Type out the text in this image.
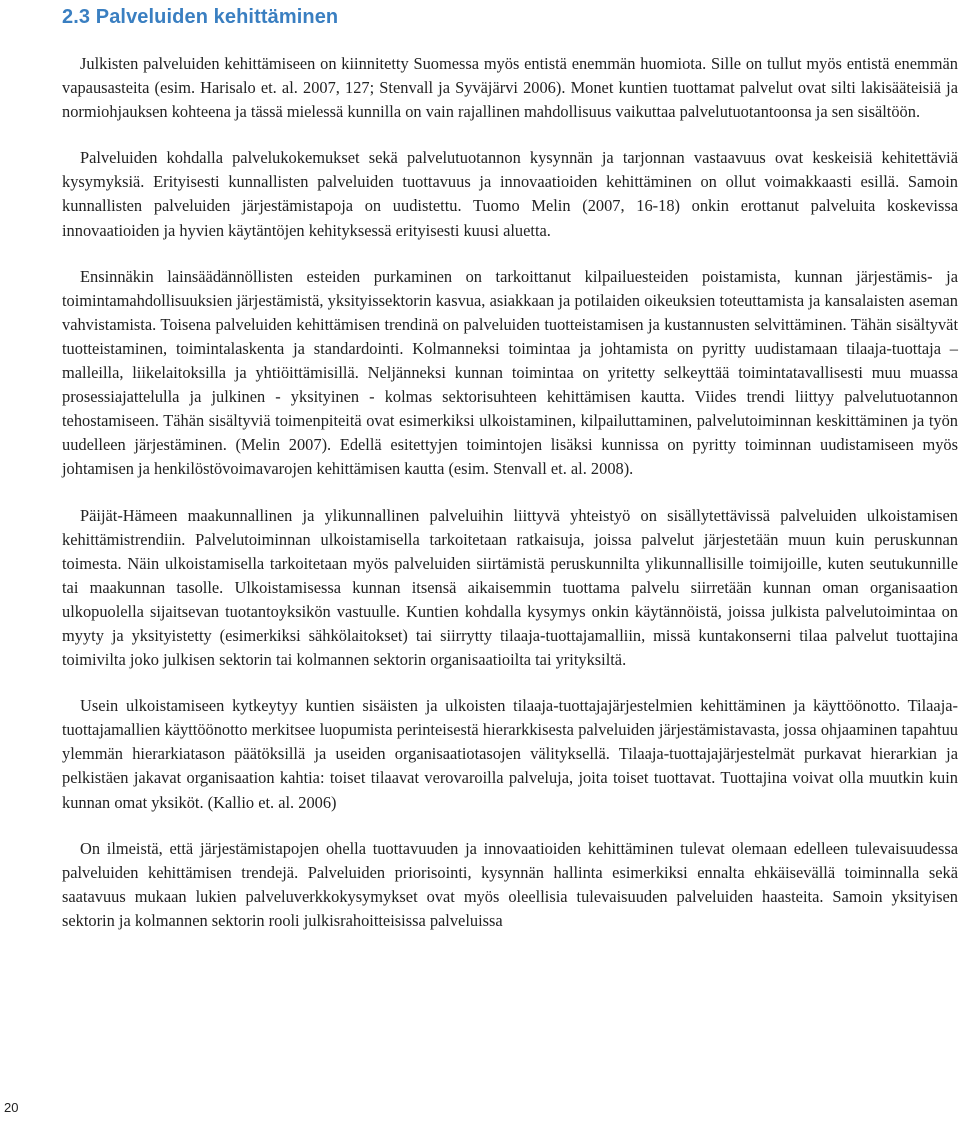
2.3 Palveluiden kehittäminen

Julkisten palveluiden kehittämiseen on kiinnitetty Suomessa myös entistä enemmän huomiota. Sille on tullut myös entistä enemmän vapausasteita (esim. Harisalo et. al. 2007, 127; Stenvall ja Syväjärvi 2006). Monet kuntien tuottamat palvelut ovat silti lakisääteisiä ja normiohjauksen kohteena ja tässä mielessä kunnilla on vain rajallinen mahdollisuus vaikuttaa palvelutuotantoonsa ja sen sisältöön.

Palveluiden kohdalla palvelukokemukset sekä palvelutuotannon kysynnän ja tarjonnan vastaavuus ovat keskeisiä kehitettäviä kysymyksiä. Erityisesti kunnallisten palveluiden tuottavuus ja innovaatioiden kehittäminen on ollut voimakkaasti esillä. Samoin kunnallisten palveluiden järjestämistapoja on uudistettu. Tuomo Melin (2007, 16-18) onkin erottanut palveluita koskevissa innovaatioiden ja hyvien käytäntöjen kehityksessä erityisesti kuusi aluetta.

Ensinnäkin lainsäädännöllisten esteiden purkaminen on tarkoittanut kilpailuesteiden poistamista, kunnan järjestämis- ja toimintamahdollisuuksien järjestämistä, yksityissektorin kasvua, asiakkaan ja potilaiden oikeuksien toteuttamista ja kansalaisten aseman vahvistamista. Toisena palveluiden kehittämisen trendinä on palveluiden tuotteistamisen ja kustannusten selvittäminen. Tähän sisältyvät tuotteistaminen, toimintalaskenta ja standardointi. Kolmanneksi toimintaa ja johtamista on pyritty uudistamaan tilaaja-tuottaja –malleilla, liikelaitoksilla ja yhtiöittämisillä. Neljänneksi kunnan toimintaa on yritetty selkeyttää toimintatavallisesti muu muassa prosessiajattelulla ja julkinen - yksityinen - kolmas sektorisuhteen kehittämisen kautta. Viides trendi liittyy palvelutuotannon tehostamiseen. Tähän sisältyviä toimenpiteitä ovat esimerkiksi ulkoistaminen, kilpailuttaminen, palvelutoiminnan keskittäminen ja työn uudelleen järjestäminen. (Melin 2007). Edellä esitettyjen toimintojen lisäksi kunnissa on pyritty toiminnan uudistamiseen myös johtamisen ja henkilöstövoimavarojen kehittämisen kautta (esim. Stenvall et. al. 2008).

Päijät-Hämeen maakunnallinen ja ylikunnallinen palveluihin liittyvä yhteistyö on sisällytettävissä palveluiden ulkoistamisen kehittämistrendiin. Palvelutoiminnan ulkoistamisella tarkoitetaan ratkaisuja, joissa palvelut järjestetään muun kuin peruskunnan toimesta. Näin ulkoistamisella tarkoitetaan myös palveluiden siirtämistä peruskunnilta ylikunnallisille toimijoille, kuten seutukunnille tai maakunnan tasolle. Ulkoistamisessa kunnan itsensä aikaisemmin tuottama palvelu siirretään kunnan oman organisaation ulkopuolella sijaitsevan tuotantoyksikön vastuulle. Kuntien kohdalla kysymys onkin käytännöistä, joissa julkista palvelutoimintaa on myyty ja yksityistetty (esimerkiksi sähkölaitokset) tai siirrytty tilaaja-tuottajamalliin, missä kuntakonserni tilaa palvelut tuottajina toimivilta joko julkisen sektorin tai kolmannen sektorin organisaatioilta tai yrityksiltä.

Usein ulkoistamiseen kytkeytyy kuntien sisäisten ja ulkoisten tilaaja-tuottajajärjestelmien kehittäminen ja käyttöönotto. Tilaaja-tuottajamallien käyttöönotto merkitsee luopumista perinteisestä hierarkkisesta palveluiden järjestämistavasta, jossa ohjaaminen tapahtuu ylemmän hierarkiatason päätöksillä ja useiden organisaatiotasojen välityksellä. Tilaaja-tuottajajärjestelmät purkavat hierarkian ja pelkistäen jakavat organisaation kahtia: toiset tilaavat verovaroilla palveluja, joita toiset tuottavat. Tuottajina voivat olla muutkin kuin kunnan omat yksiköt. (Kallio et. al. 2006)

On ilmeistä, että järjestämistapojen ohella tuottavuuden ja innovaatioiden kehittäminen tulevat olemaan edelleen tulevaisuudessa palveluiden kehittämisen trendejä. Palveluiden priorisointi, kysynnän hallinta esimerkiksi ennalta ehkäisevällä toiminnalla sekä saatavuus mukaan lukien palveluverkkokysymykset ovat myös oleellisia tulevaisuuden palveluiden haasteita. Samoin yksityisen sektorin ja kolmannen sektorin rooli julkisrahoitteisissa palveluissa

20
